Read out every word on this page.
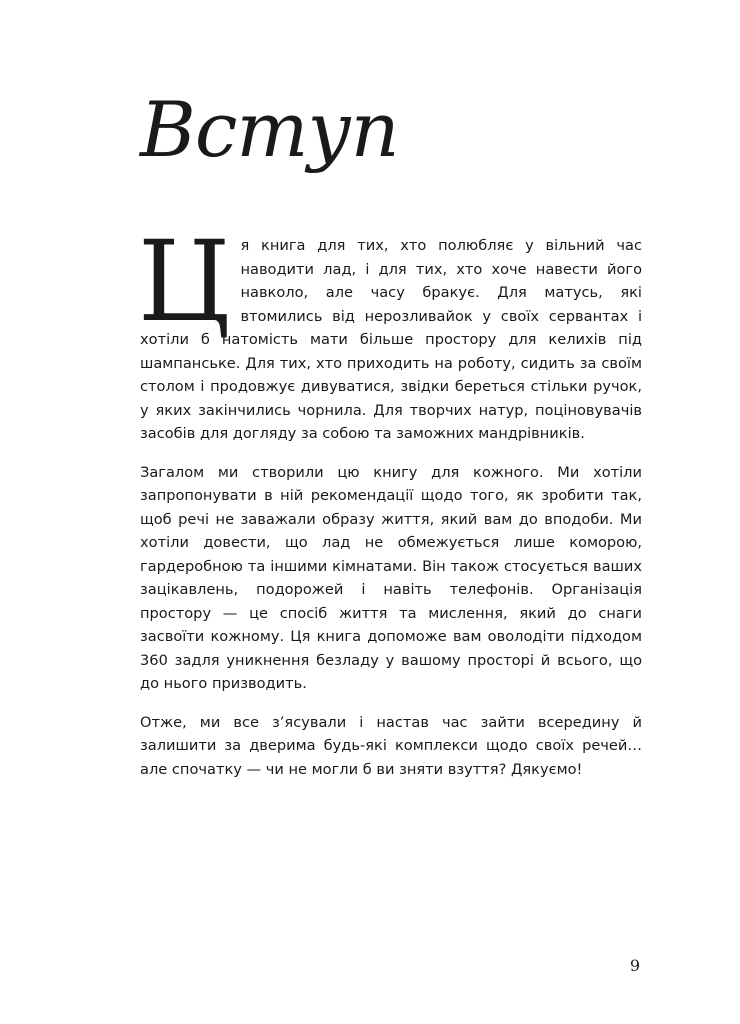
Вступ

Ця книга для тих, хто полюбляє у вільний час наводити лад, і для тих, хто хоче навести його навколо, але часу бракує. Для матусь, які втомились від нерозливайок у своїх сервантах і хотіли б натомість мати більше простору для келихів під шампанське. Для тих, хто приходить на роботу, сидить за своїм столом і продовжує дивуватися, звідки береться стільки ручок, у яких закінчились чорнила. Для творчих натур, поціновувачів засобів для догляду за собою та заможних мандрівників.

Загалом ми створили цю книгу для кожного. Ми хотіли запропонувати в ній рекомендації щодо того, як зробити так, щоб речі не заважали образу життя, який вам до вподоби. Ми хотіли довести, що лад не обмежується лише коморою, гардеробною та іншими кімнатами. Він також стосується ваших зацікавлень, подорожей і навіть телефонів. Організація простору — це спосіб життя та мислення, який до снаги засвоїти кожному. Ця книга допоможе вам оволодіти підходом 360 задля уникнення безладу у вашому просторі й всього, що до нього призводить.

Отже, ми все з’ясували і настав час зайти всередину й залишити за дверима будь-які комплекси щодо своїх речей… але спочатку — чи не могли б ви зняти взуття? Дякуємо!

9
